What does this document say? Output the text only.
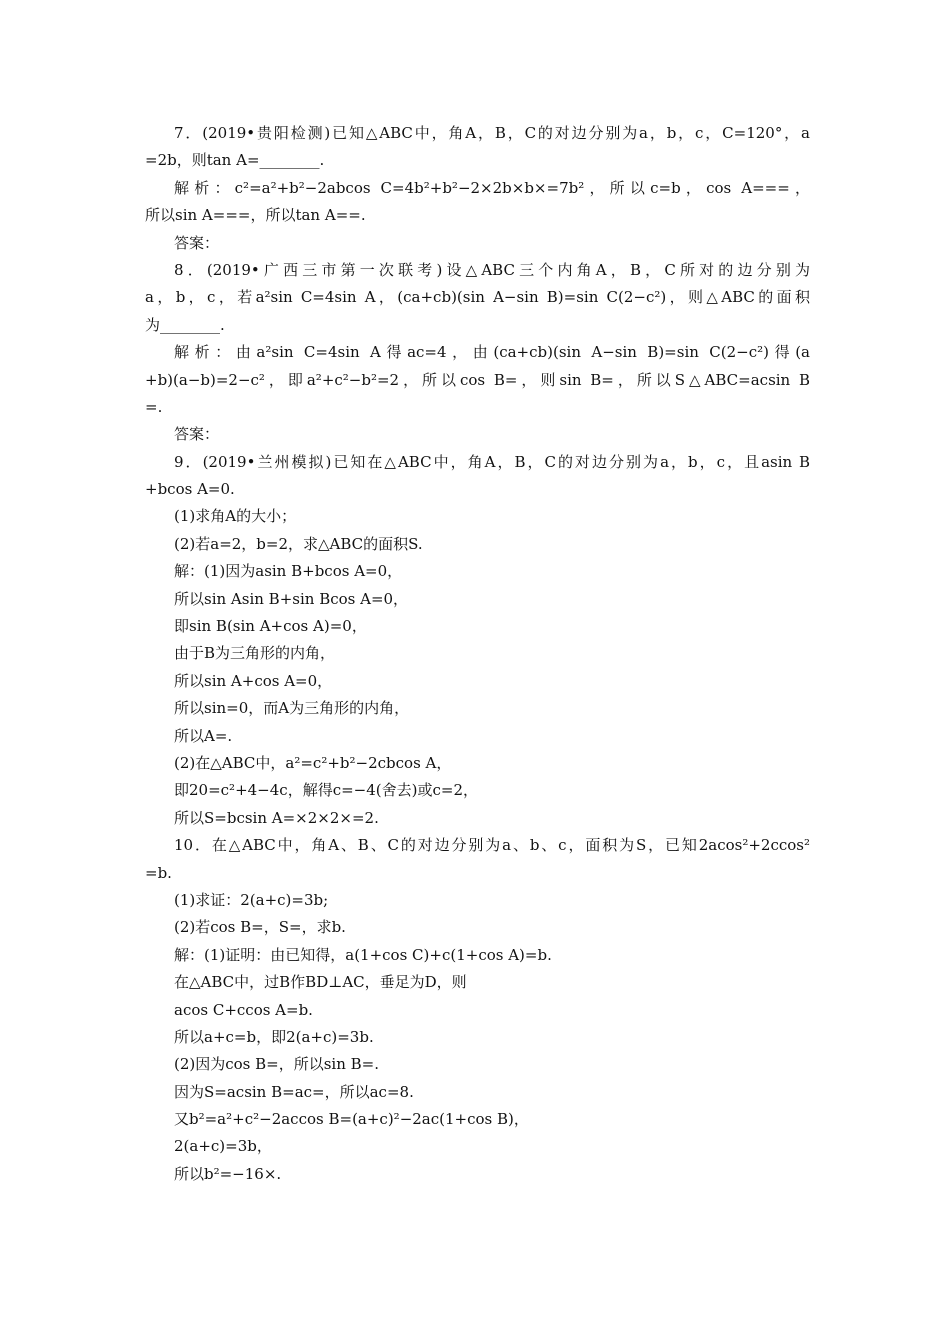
7．(2019•贵阳检测)已知△ABC中，角A，B，C的对边分别为a，b，c，C=120°，a
=2b，则tan A=________.
解析：c²=a²+b²−2abcos C=4b²+b²−2×2b×b×=7b²，所以c=b，cos A===，
所以sin A===，所以tan A==.
答案：
8．(2019•广西三市第一次联考)设△ABC三个内角A，B，C所对的边分别为
a，b，c，若a²sin C=4sin A，(ca+cb)(sin A−sin B)=sin C(2−c²)，则△ABC的面积
为________.
解析：由a²sin C=4sin A得ac=4，由(ca+cb)(sin A−sin B)=sin C(2−c²)得(a
+b)(a−b)=2−c²，即a²+c²−b²=2，所以cos B=，则sin B=，所以S△ABC=acsin B
=.
答案：
9．(2019•兰州模拟)已知在△ABC中，角A，B，C的对边分别为a，b，c，且asin B
+bcos A=0.
(1)求角A的大小；
(2)若a=2，b=2，求△ABC的面积S.
解：(1)因为asin B+bcos A=0，
所以sin Asin B+sin Bcos A=0，
即sin B(sin A+cos A)=0，
由于B为三角形的内角，
所以sin A+cos A=0，
所以sin=0，而A为三角形的内角，
所以A=.
(2)在△ABC中，a²=c²+b²−2cbcos A，
即20=c²+4−4c，解得c=−4(舍去)或c=2，
所以S=bcsin A=×2×2×=2.
10．在△ABC中，角A、B、C的对边分别为a、b、c，面积为S，已知2acos²+2ccos²
=b.
(1)求证：2(a+c)=3b;
(2)若cos B=，S=，求b.
解：(1)证明：由已知得，a(1+cos C)+c(1+cos A)=b.
在△ABC中，过B作BD⊥AC，垂足为D，则
acos C+ccos A=b.
所以a+c=b，即2(a+c)=3b.
(2)因为cos B=，所以sin B=.
因为S=acsin B=ac=，所以ac=8.
又b²=a²+c²−2accos B=(a+c)²−2ac(1+cos B)，
2(a+c)=3b，
所以b²=−16×.
